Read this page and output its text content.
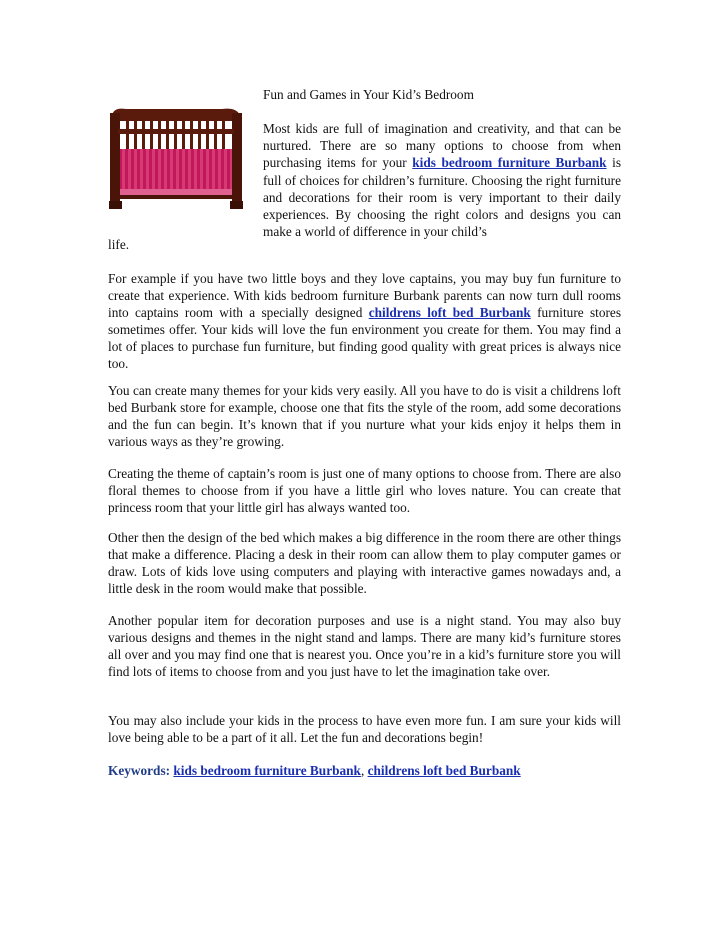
Fun and Games in Your Kid’s Bedroom

Most kids are full of imagination and creativity, and that can be nurtured. There are so many options to choose from when purchasing items for your kids bedroom furniture Burbank is full of choices for children’s furniture. Choosing the right furniture and decorations for their room is very important to their daily experiences. By choosing the right colors and designs you can make a world of difference in your child’s

life.

For example if you have two little boys and they love captains, you may buy fun furniture to create that experience. With kids bedroom furniture Burbank parents can now turn dull rooms into captains room with a specially designed childrens loft bed Burbank furniture stores sometimes offer. Your kids will love the fun environment you create for them. You may find a lot of places to purchase fun furniture, but finding good quality with great prices is always nice too.

You can create many themes for your kids very easily. All you have to do is visit a childrens loft bed Burbank store for example, choose one that fits the style of the room, add some decorations and the fun can begin. It’s known that if you nurture what your kids enjoy it helps them in various ways as they’re growing.

Creating the theme of captain’s room is just one of many options to choose from. There are also floral themes to choose from if you have a little girl who loves nature. You can create that princess room that your little girl has always wanted too.

Other then the design of the bed which makes a big difference in the room there are other things that make a difference. Placing a desk in their room can allow them to play computer games or draw. Lots of kids love using computers and playing with interactive games nowadays and, a little desk in the room would make that possible.

Another popular item for decoration purposes and use is a night stand. You may also buy various designs and themes in the night stand and lamps. There are many kid’s furniture stores all over and you may find one that is nearest you. Once you’re in a kid’s furniture store you will find lots of items to choose from and you just have to let the imagination take over.

You may also include your kids in the process to have even more fun. I am sure your kids will love being able to be a part of it all. Let the fun and decorations begin!

Keywords: kids bedroom furniture Burbank, childrens loft bed Burbank
